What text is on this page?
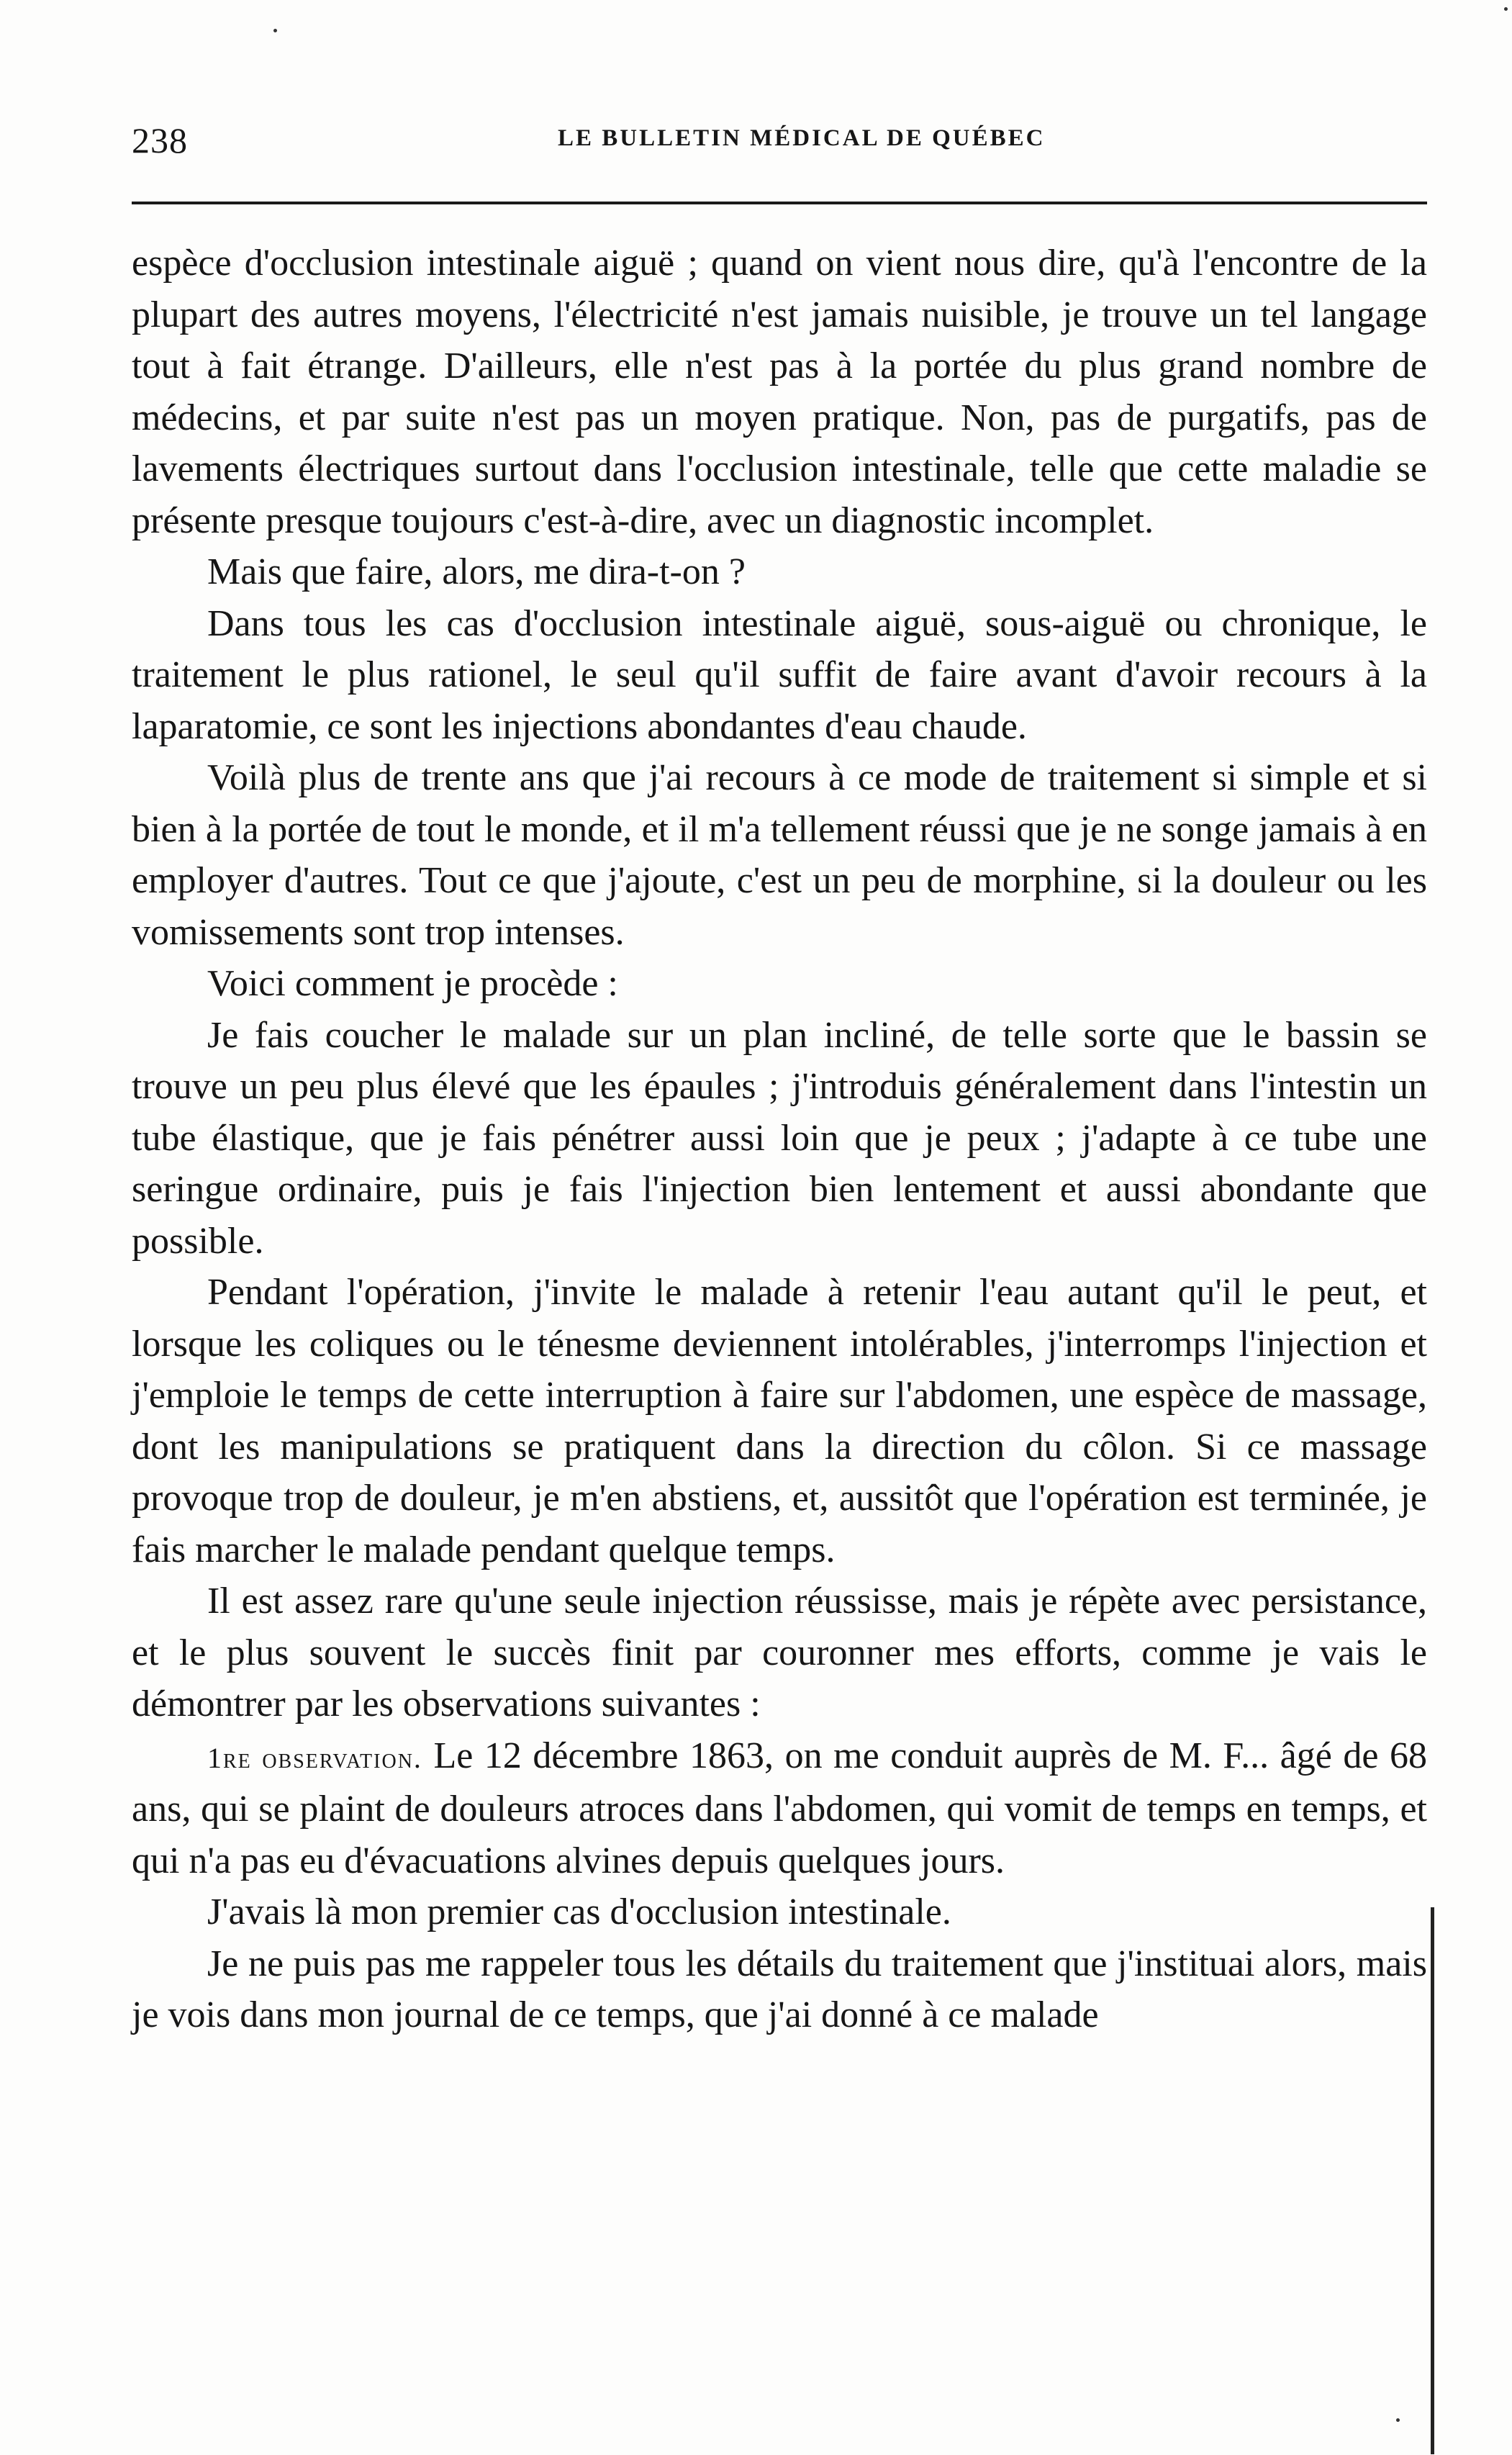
238	LE BULLETIN MÉDICAL DE QUÉBEC

espèce d'occlusion intestinale aiguë ; quand on vient nous dire, qu'à l'encontre de la plupart des autres moyens, l'électricité n'est jamais nuisible, je trouve un tel langage tout à fait étrange. D'ailleurs, elle n'est pas à la portée du plus grand nombre de médecins, et par suite n'est pas un moyen pratique. Non, pas de purgatifs, pas de lavements électriques surtout dans l'occlusion intestinale, telle que cette maladie se présente presque toujours c'est-à-dire, avec un diagnostic incomplet.

Mais que faire, alors, me dira-t-on ?

Dans tous les cas d'occlusion intestinale aiguë, sous-aiguë ou chronique, le traitement le plus rationel, le seul qu'il suffit de faire avant d'avoir recours à la laparatomie, ce sont les injections abondantes d'eau chaude.

Voilà plus de trente ans que j'ai recours à ce mode de traitement si simple et si bien à la portée de tout le monde, et il m'a tellement réussi que je ne songe jamais à en employer d'autres. Tout ce que j'ajoute, c'est un peu de morphine, si la douleur ou les vomissements sont trop intenses.

Voici comment je procède :

Je fais coucher le malade sur un plan incliné, de telle sorte que le bassin se trouve un peu plus élevé que les épaules ; j'introduis généralement dans l'intestin un tube élastique, que je fais pénétrer aussi loin que je peux ; j'adapte à ce tube une seringue ordinaire, puis je fais l'injection bien lentement et aussi abondante que possible.

Pendant l'opération, j'invite le malade à retenir l'eau autant qu'il le peut, et lorsque les coliques ou le ténesme deviennent intolérables, j'interromps l'injection et j'emploie le temps de cette interruption à faire sur l'abdomen, une espèce de massage, dont les manipulations se pratiquent dans la direction du côlon. Si ce massage provoque trop de douleur, je m'en abstiens, et, aussitôt que l'opération est terminée, je fais marcher le malade pendant quelque temps.

Il est assez rare qu'une seule injection réussisse, mais je répète avec persistance, et le plus souvent le succès finit par couronner mes efforts, comme je vais le démontrer par les observations suivantes :

1re observation. Le 12 décembre 1863, on me conduit auprès de M. F... âgé de 68 ans, qui se plaint de douleurs atroces dans l'abdomen, qui vomit de temps en temps, et qui n'a pas eu d'évacuations alvines depuis quelques jours.

J'avais là mon premier cas d'occlusion intestinale.

Je ne puis pas me rappeler tous les détails du traitement que j'instituai alors, mais je vois dans mon journal de ce temps, que j'ai donné à ce malade
